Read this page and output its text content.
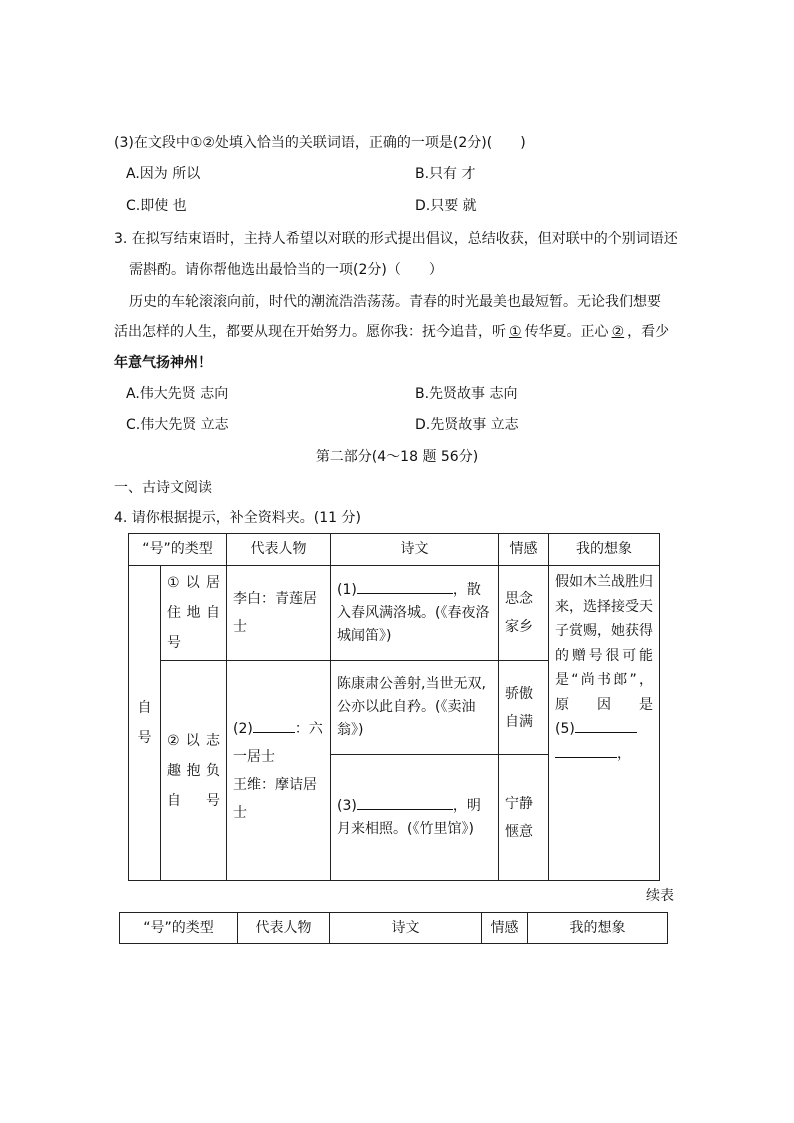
(3)在文段中①②处填入恰当的关联词语，正确的一项是(2分)(　　)
A.因为 所以	B.只有 才
C.即使 也	D.只要 就
3. 在拟写结束语时，主持人希望以对联的形式提出倡议，总结收获，但对联中的个别词语还
需斟酌。请你帮他选出最恰当的一项(2分)（　　）
历史的车轮滚滚向前，时代的潮流浩浩荡荡。青春的时光最美也最短暂。无论我们想要
活出怎样的人生，都要从现在开始努力。愿你我：抚今追昔，听 ① 传华夏。正心 ② ，看少
年意气扬神州！
A.伟大先贤 志向	B.先贤故事 志向
C.伟大先贤 立志	D.先贤故事 立志
第二部分(4～18 题 56分)
一、古诗文阅读
4. 请你根据提示，补全资料夹。(11 分)
“号”的类型		代表人物	诗文	情感	我的想象

自号	①以居住地自号	李白：青莲居士	(1) ，散入春风满洛城。(《春夜洛城闻笛》)	思念家乡	假如木兰战胜归来，选择接受天子赏赐，她获得的赠号很可能是“尚书郎”，
原　因　是
(5)
，

	②以志趣抱负自号	(2) ：六一居士
王维：摩诘居士	陈康肃公善射,当世无双,公亦以此自矜。(《卖油翁》)	骄傲自满	
			(3) ，明月来相照。(《竹里馆》)	宁静惬意	
续表
“号”的类型	代表人物	诗文	情感	我的想象
